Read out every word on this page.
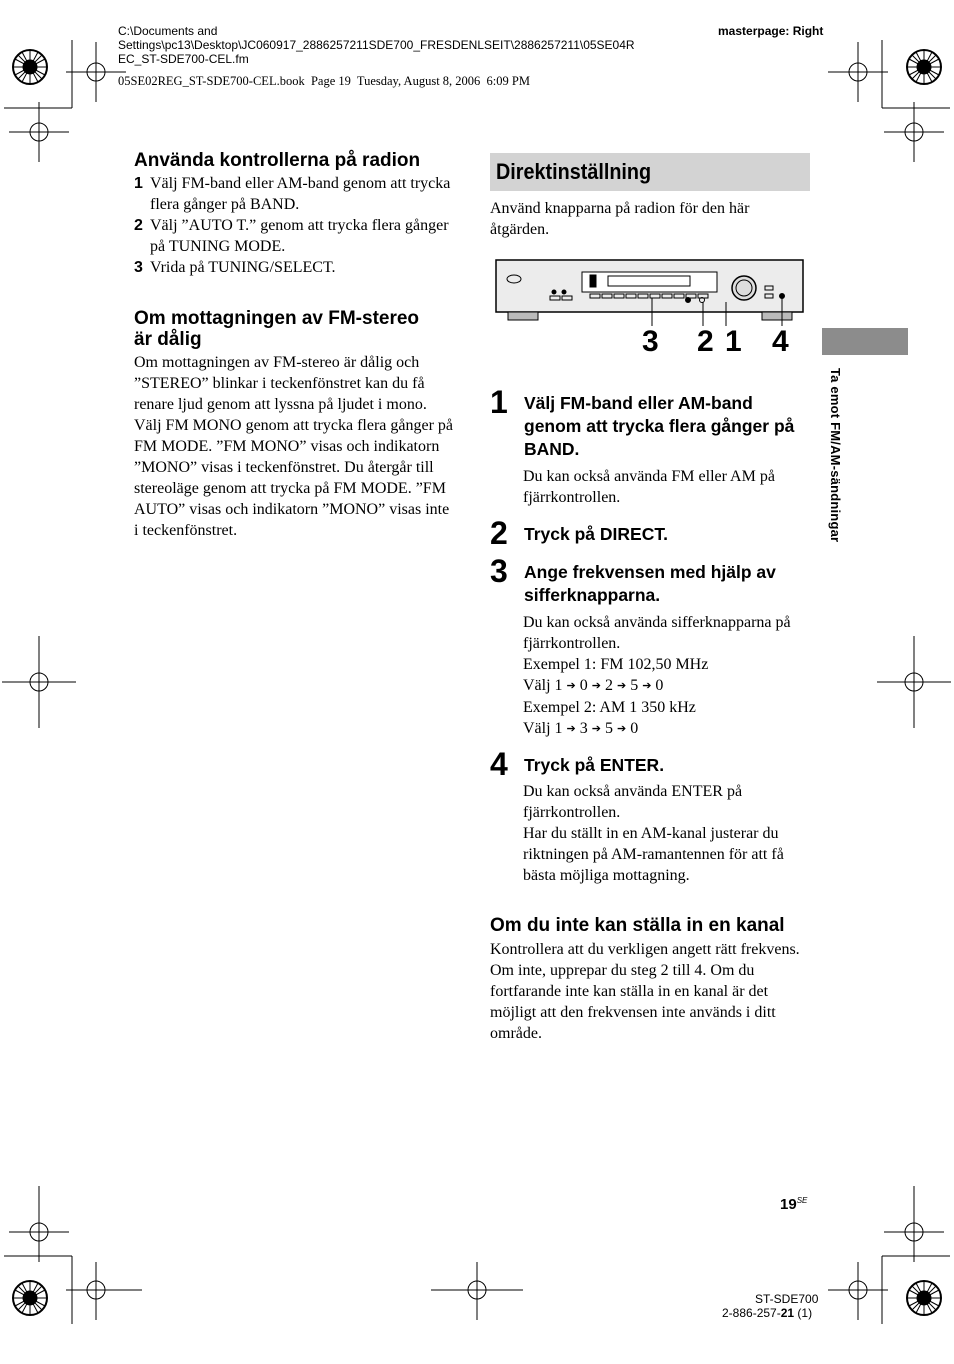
C:\Documents and
Settings\pc13\Desktop\JC060917_2886257211SDE700_FRESDENLSEIT\2886257211\05SE04R
EC_ST-SDE700-CEL.fm
masterpage: Right
05SE02REG_ST-SDE700-CEL.book  Page 19  Tuesday, August 8, 2006  6:09 PM
Använda kontrollerna på radion
1 Välj FM-band eller AM-band genom att trycka flera gånger på BAND.
2 Välj ”AUTO T.” genom att trycka flera gånger på TUNING MODE.
3 Vrida på TUNING/SELECT.
Om mottagningen av FM-stereo
är dålig
Om mottagningen av FM-stereo är dålig och ”STEREO” blinkar i teckenfönstret kan du få renare ljud genom att lyssna på ljudet i mono. Välj FM MONO genom att trycka flera gånger på FM MODE. ”FM MONO” visas och indikatorn ”MONO” visas i teckenfönstret. Du återgår till stereoläge genom att trycka på FM MODE. ”FM AUTO” visas och indikatorn ”MONO” visas inte i teckenfönstret.
Direktinställning
Använd knapparna på radion för den här åtgärden.
3 2 1 4
1 Välj FM-band eller AM-band genom att trycka flera gånger på BAND.
Du kan också använda FM eller AM på fjärrkontrollen.
2 Tryck på DIRECT.
3 Ange frekvensen med hjälp av sifferknapparna.
Du kan också använda sifferknapparna på fjärrkontrollen.
Exempel 1: FM 102,50 MHz
Välj 1 ➔ 0 ➔ 2 ➔ 5 ➔ 0
Exempel 2: AM 1 350 kHz
Välj 1 ➔ 3 ➔ 5 ➔ 0
4 Tryck på ENTER.
Du kan också använda ENTER på fjärrkontrollen.
Har du ställt in en AM-kanal justerar du riktningen på AM-ramantennen för att få bästa möjliga mottagning.
Om du inte kan ställa in en kanal
Kontrollera att du verkligen angett rätt frekvens. Om inte, upprepar du steg 2 till 4. Om du fortfarande inte kan ställa in en kanal är det möjligt att den frekvensen inte används i ditt område.
Ta emot FM/AM-sändningar
$19^{SE}$
ST-SDE700
2-886-257-21 (1)
